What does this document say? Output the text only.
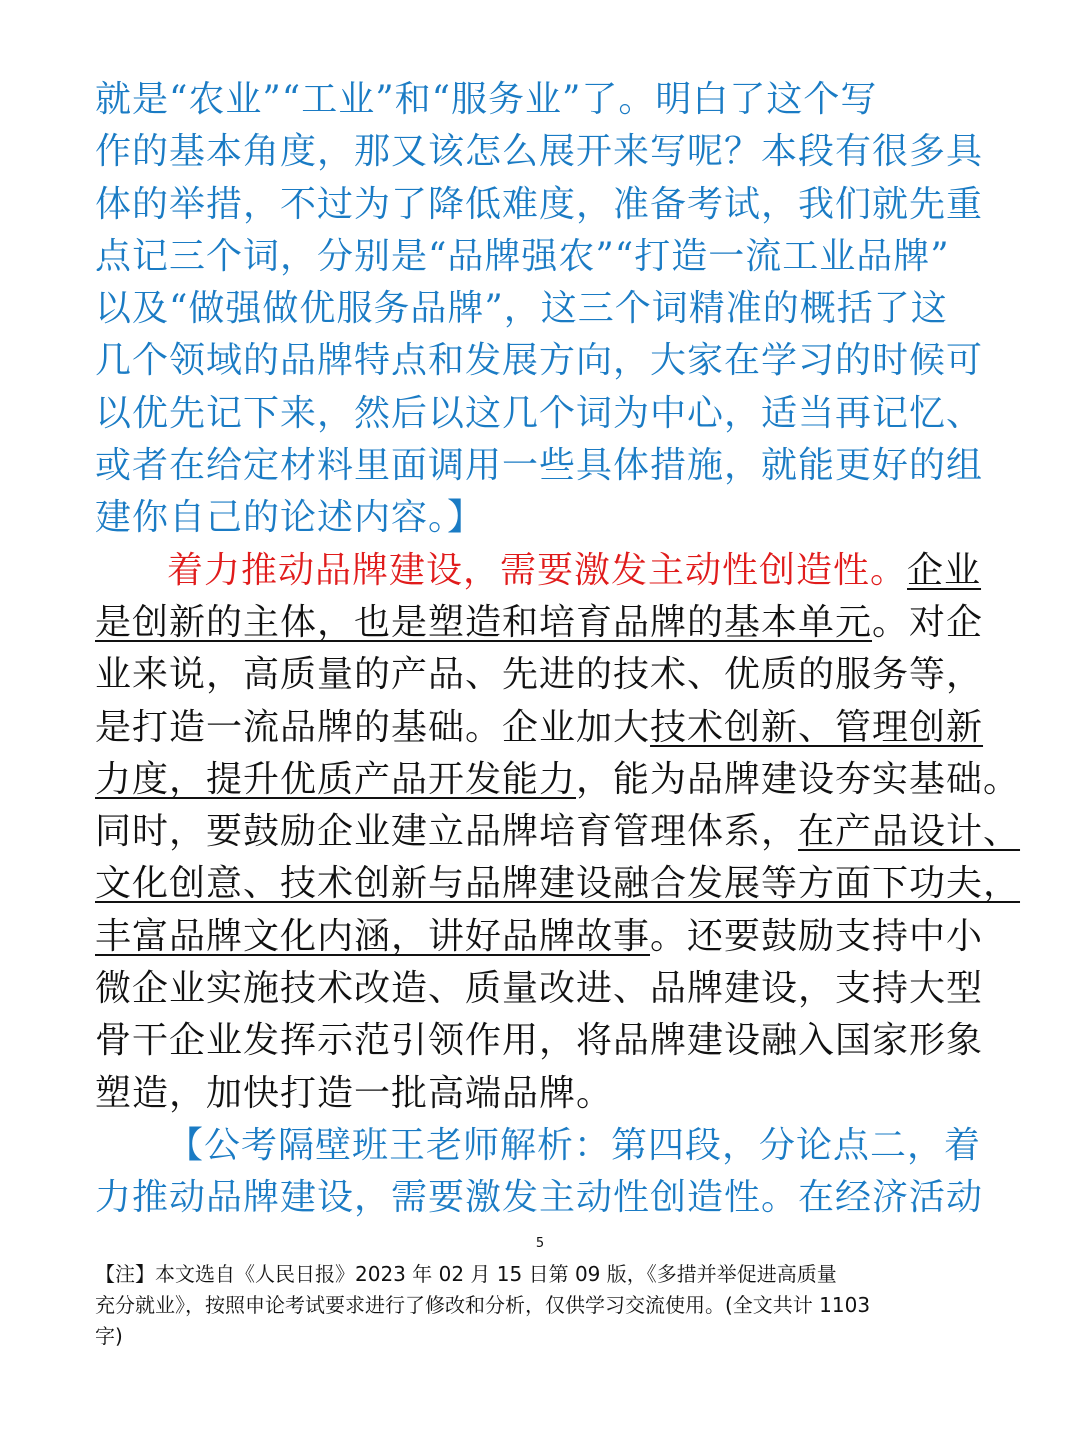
就是“农业”“工业”和“服务业”了。明白了这个写
作的基本角度，那又该怎么展开来写呢？本段有很多具
体的举措，不过为了降低难度，准备考试，我们就先重
点记三个词，分别是“品牌强农”“打造一流工业品牌”
以及“做强做优服务品牌”，这三个词精准的概括了这
几个领域的品牌特点和发展方向，大家在学习的时候可
以优先记下来，然后以这几个词为中心，适当再记忆、
或者在给定材料里面调用一些具体措施，就能更好的组
建你自己的论述内容。】
着力推动品牌建设，需要激发主动性创造性。企业
是创新的主体，也是塑造和培育品牌的基本单元。对企
业来说，高质量的产品、先进的技术、优质的服务等，
是打造一流品牌的基础。企业加大技术创新、管理创新
力度，提升优质产品开发能力，能为品牌建设夯实基础。
同时，要鼓励企业建立品牌培育管理体系，在产品设计、
文化创意、技术创新与品牌建设融合发展等方面下功夫，
丰富品牌文化内涵，讲好品牌故事。还要鼓励支持中小
微企业实施技术改造、质量改进、品牌建设，支持大型
骨干企业发挥示范引领作用，将品牌建设融入国家形象
塑造，加快打造一批高端品牌。
【公考隔壁班王老师解析：第四段，分论点二，着
力推动品牌建设，需要激发主动性创造性。在经济活动
5
【注】本文选自《人民日报》2023 年 02 月 15 日第 09 版，《多措并举促进高质量
充分就业》，按照申论考试要求进行了修改和分析，仅供学习交流使用。(全文共计 1103
字)
